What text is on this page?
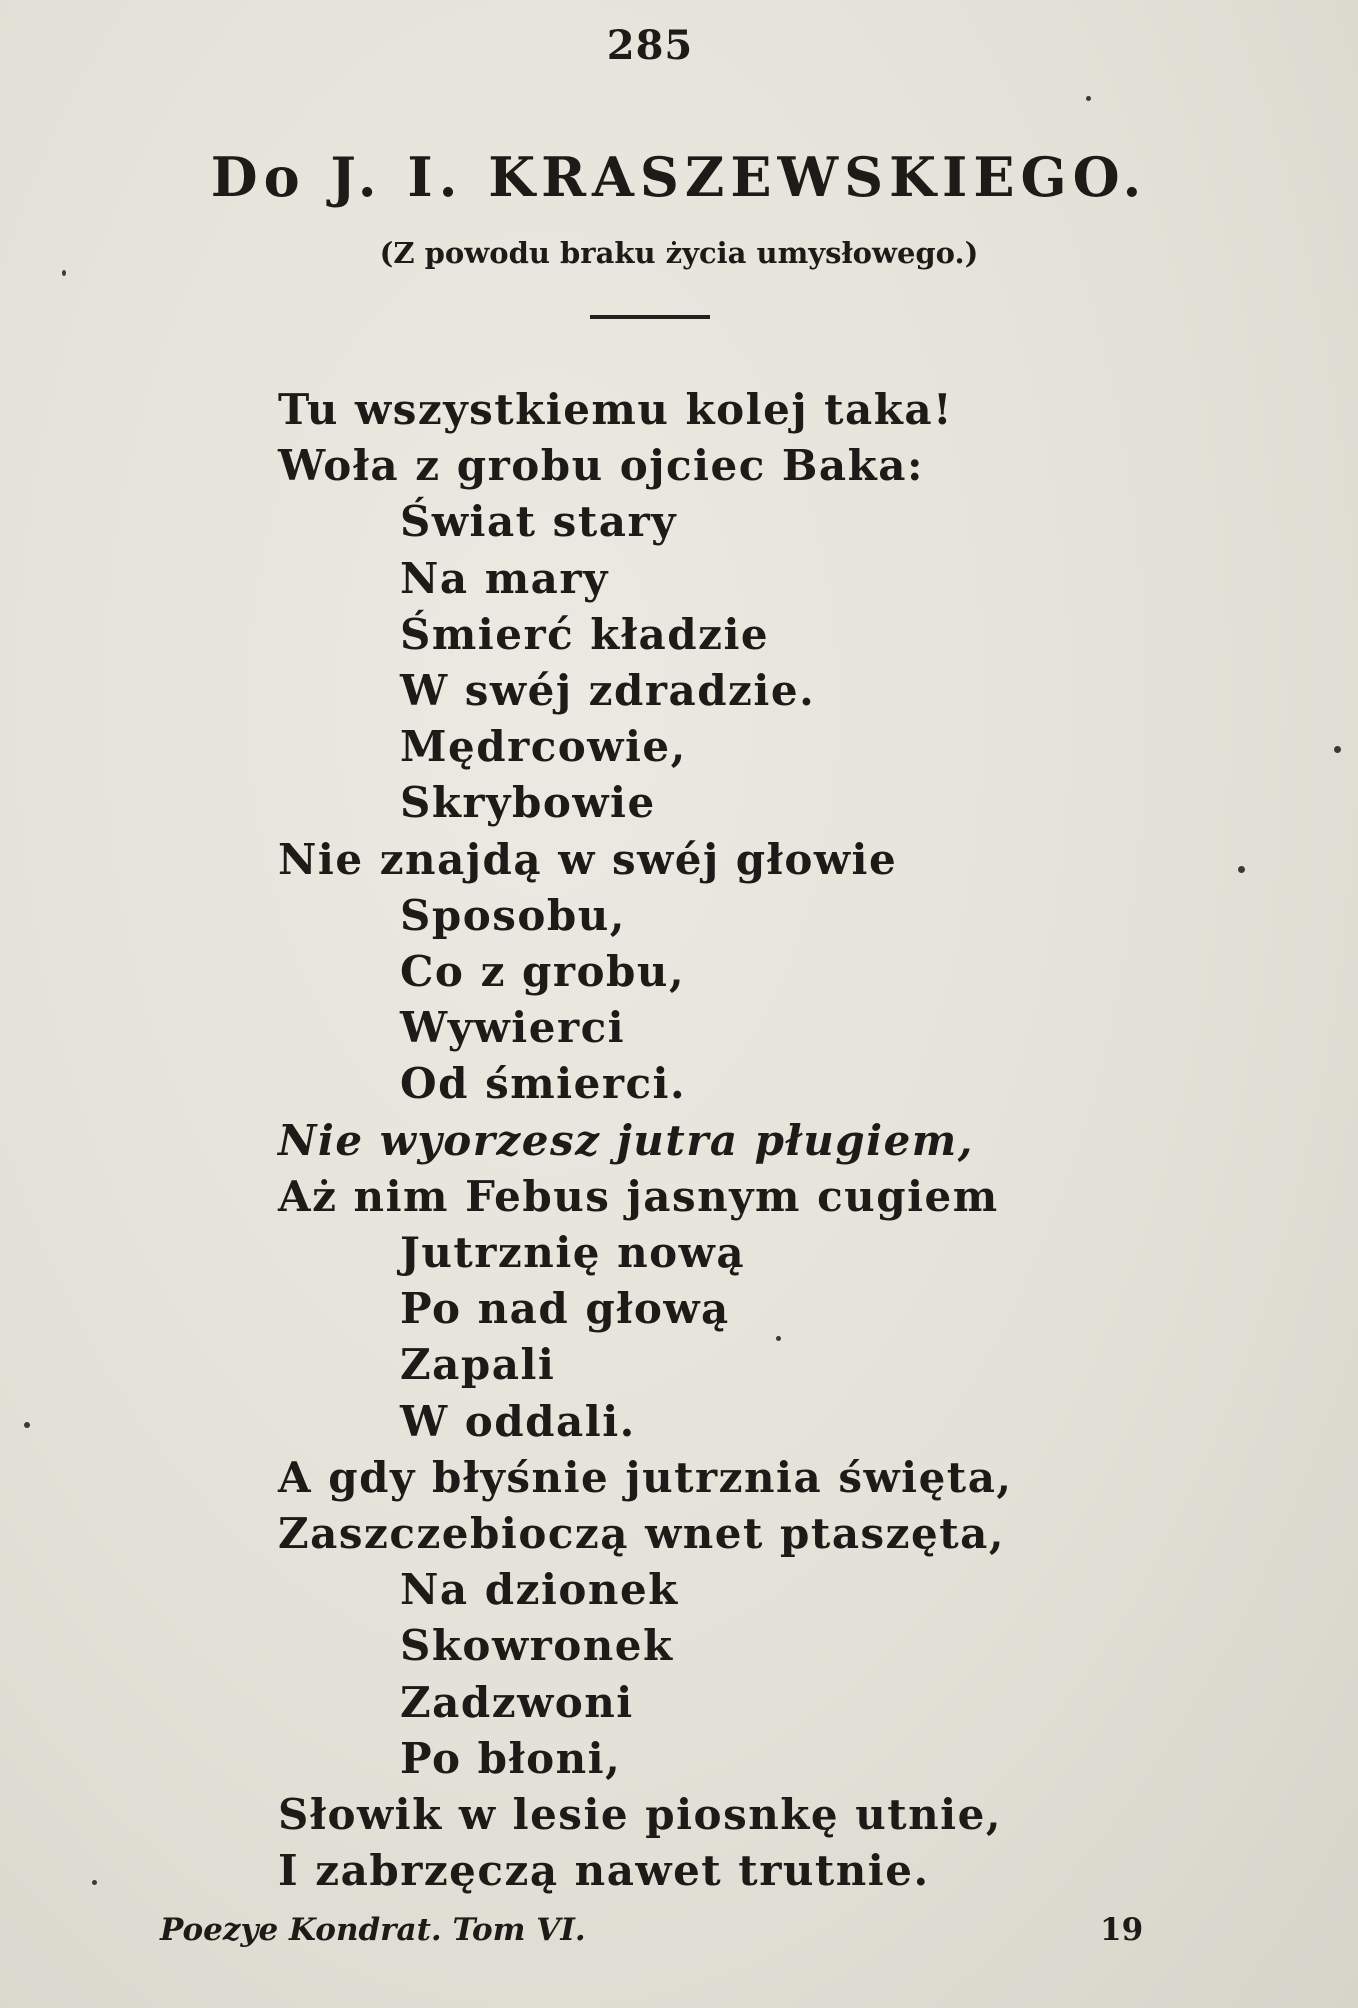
285
Do J. I. KRASZEWSKIEGO.
(Z powodu braku życia umysłowego.)
Tu wszystkiemu kolej taka!
Woła z grobu ojciec Baka:
Świat stary
Na mary
Śmierć kładzie
W swéj zdradzie.
Mędrcowie,
Skrybowie
Nie znajdą w swéj głowie
Sposobu,
Co z grobu,
Wywierci
Od śmierci.
Nie wyorzesz jutra pługiem,
Aż nim Febus jasnym cugiem
Jutrznię nową
Po nad głową
Zapali
W oddali.
A gdy błyśnie jutrznia święta,
Zaszczebioczą wnet ptaszęta,
Na dzionek
Skowronek
Zadzwoni
Po błoni,
Słowik w lesie piosnkę utnie,
I zabrzęczą nawet trutnie.
Poezye Kondrat. Tom VI.	19
